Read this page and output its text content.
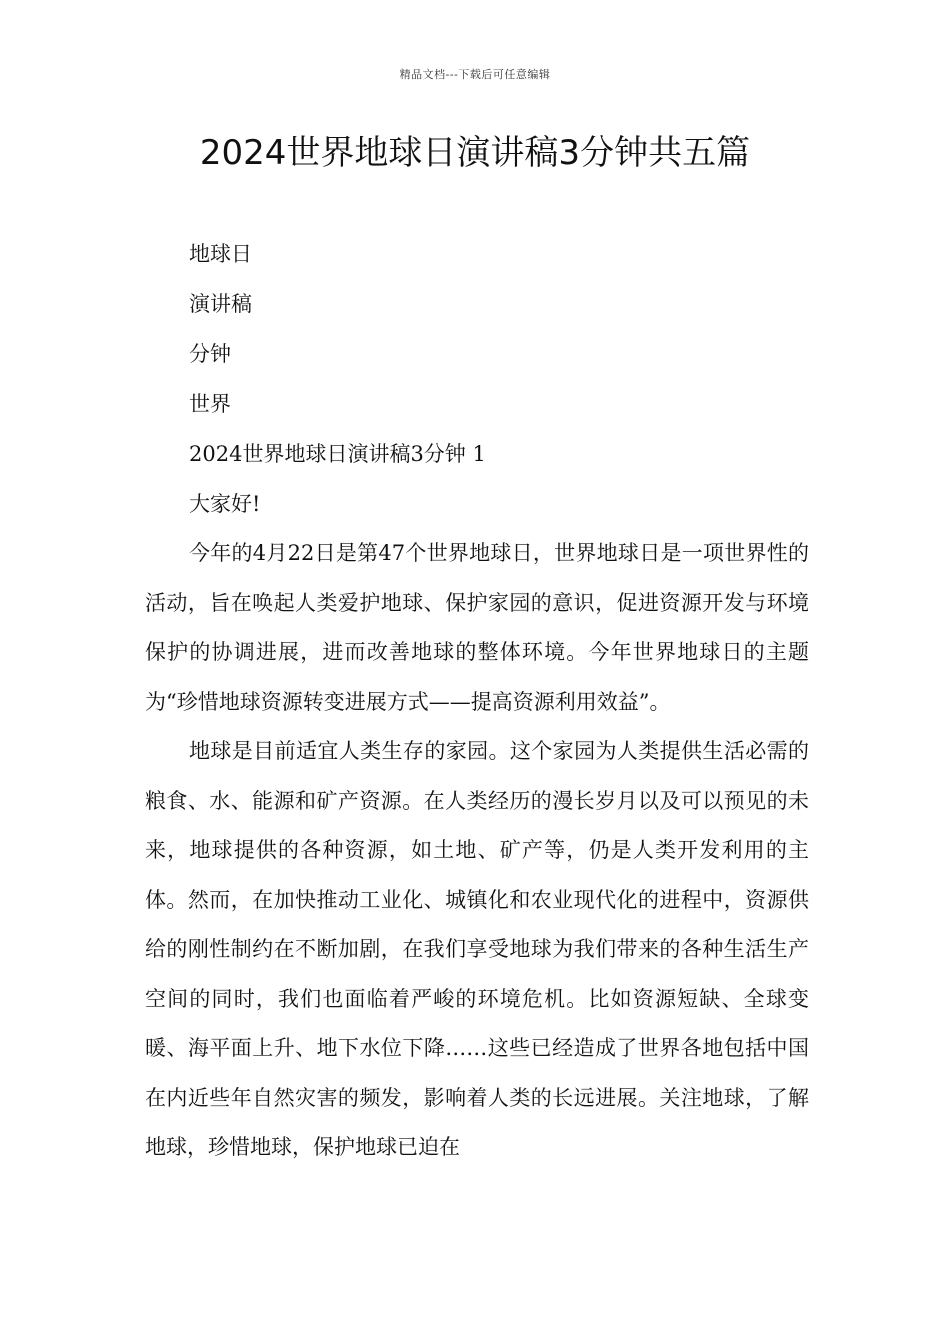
精品文档---下载后可任意编辑
2024世界地球日演讲稿3分钟共五篇

地球日

演讲稿

分钟

世界

2024世界地球日演讲稿3分钟 1

大家好!

今年的4月22日是第47个世界地球日，世界地球日是一项世界性的活动，旨在唤起人类爱护地球、保护家园的意识，促进资源开发与环境保护的协调进展，进而改善地球的整体环境。今年世界地球日的主题为“珍惜地球资源转变进展方式——提高资源利用效益”。

地球是目前适宜人类生存的家园。这个家园为人类提供生活必需的粮食、水、能源和矿产资源。在人类经历的漫长岁月以及可以预见的未来，地球提供的各种资源，如土地、矿产等，仍是人类开发利用的主体。然而，在加快推动工业化、城镇化和农业现代化的进程中，资源供给的刚性制约在不断加剧，在我们享受地球为我们带来的各种生活生产空间的同时，我们也面临着严峻的环境危机。比如资源短缺、全球变暖、海平面上升、地下水位下降……这些已经造成了世界各地包括中国在内近些年自然灾害的频发，影响着人类的长远进展。关注地球，了解地球，珍惜地球，保护地球已迫在
